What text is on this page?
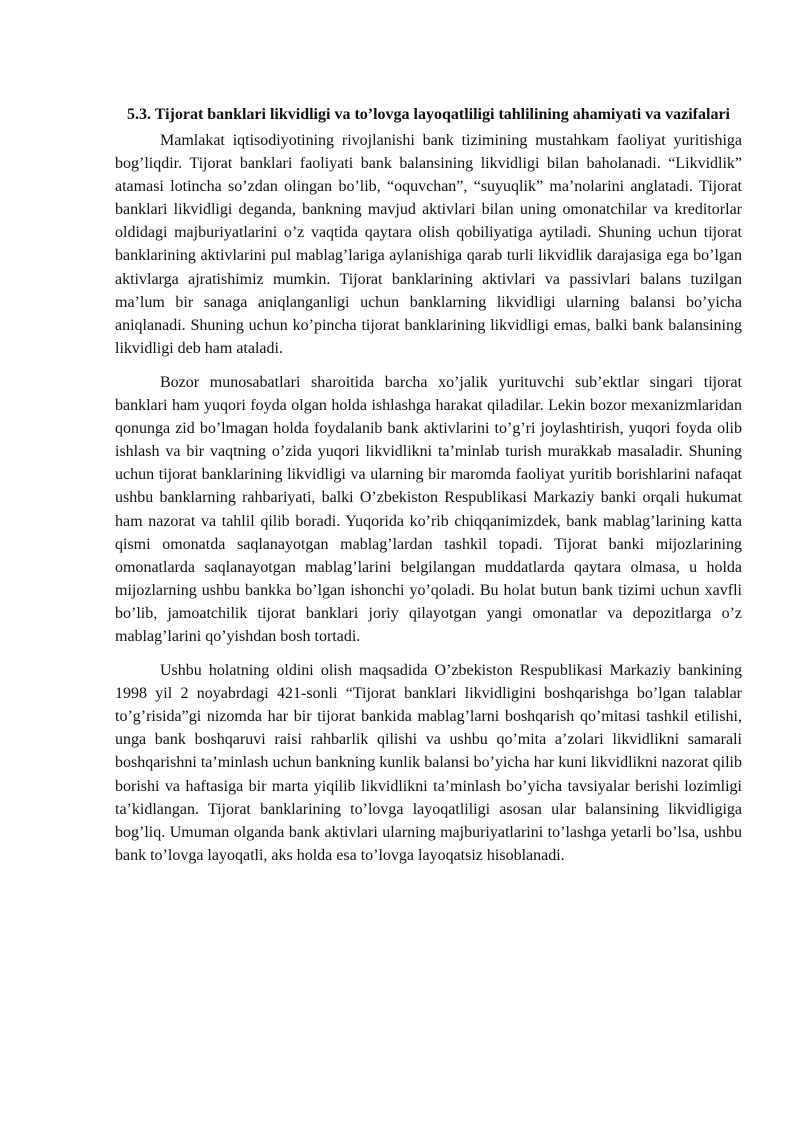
5.3. Tijorat banklari likvidligi va to’lovga layoqatliligi tahlilining ahamiyati va vazifalari

Mamlakat iqtisodiyotining rivojlanishi bank tizimining mustahkam faoliyat yuritishiga bog’liqdir. Tijorat banklari faoliyati bank balansining likvidligi bilan baholanadi. “Likvidlik” atamasi lotincha so’zdan olingan bo’lib, “oquvchan”, “suyuqlik” ma’nolarini anglatadi. Tijorat banklari likvidligi deganda, bankning mavjud aktivlari bilan uning omonatchilar va kreditorlar oldidagi majburiyatlarini o’z vaqtida qaytara olish qobiliyatiga aytiladi. Shuning uchun tijorat banklarining aktivlarini pul mablag’lariga aylanishiga qarab turli likvidlik darajasiga ega bo’lgan aktivlarga ajratishimiz mumkin. Tijorat banklarining aktivlari va passivlari balans tuzilgan ma’lum bir sanaga aniqlanganligi uchun banklarning likvidligi ularning balansi bo’yicha aniqlanadi. Shuning uchun ko’pincha tijorat banklarining likvidligi emas, balki bank balansining likvidligi deb ham ataladi.

Bozor munosabatlari sharoitida barcha xo’jalik yurituvchi sub’ektlar singari tijorat banklari ham yuqori foyda olgan holda ishlashga harakat qiladilar. Lekin bozor mexanizmlaridan qonunga zid bo’lmagan holda foydalanib bank aktivlarini to’g’ri joylashtirish, yuqori foyda olib ishlash va bir vaqtning o’zida yuqori likvidlikni ta’minlab turish murakkab masaladir. Shuning uchun tijorat banklarining likvidligi va ularning bir maromda faoliyat yuritib borishlarini nafaqat ushbu banklarning rahbariyati, balki O’zbekiston Respublikasi Markaziy banki orqali hukumat ham nazorat va tahlil qilib boradi. Yuqorida ko’rib chiqqanimizdek, bank mablag’larining katta qismi omonatda saqlanayotgan mablag’lardan tashkil topadi. Tijorat banki mijozlarining omonatlarda saqlanayotgan mablag’larini belgilangan muddatlarda qaytara olmasa, u holda mijozlarning ushbu bankka bo’lgan ishonchi yo’qoladi. Bu holat butun bank tizimi uchun xavfli bo’lib, jamoatchilik tijorat banklari joriy qilayotgan yangi omonatlar va depozitlarga o’z mablag’larini qo’yishdan bosh tortadi.

Ushbu holatning oldini olish maqsadida O’zbekiston Respublikasi Markaziy bankining 1998 yil 2 noyabrdagi 421-sonli “Tijorat banklari likvidligini boshqarishga bo’lgan talablar to’g’risida”gi nizomda har bir tijorat bankida mablag’larni boshqarish qo’mitasi tashkil etilishi, unga bank boshqaruvi raisi rahbarlik qilishi va ushbu qo’mita a’zolari likvidlikni samarali boshqarishni ta’minlash uchun bankning kunlik balansi bo’yicha har kuni likvidlikni nazorat qilib borishi va haftasiga bir marta yiqilib likvidlikni ta’minlash bo’yicha tavsiyalar berishi lozimligi ta’kidlangan. Tijorat banklarining to’lovga layoqatliligi asosan ular balansining likvidligiga bog’liq. Umuman olganda bank aktivlari ularning majburiyatlarini to’lashga yetarli bo’lsa, ushbu bank to’lovga layoqatli, aks holda esa to’lovga layoqatsiz hisoblanadi.
